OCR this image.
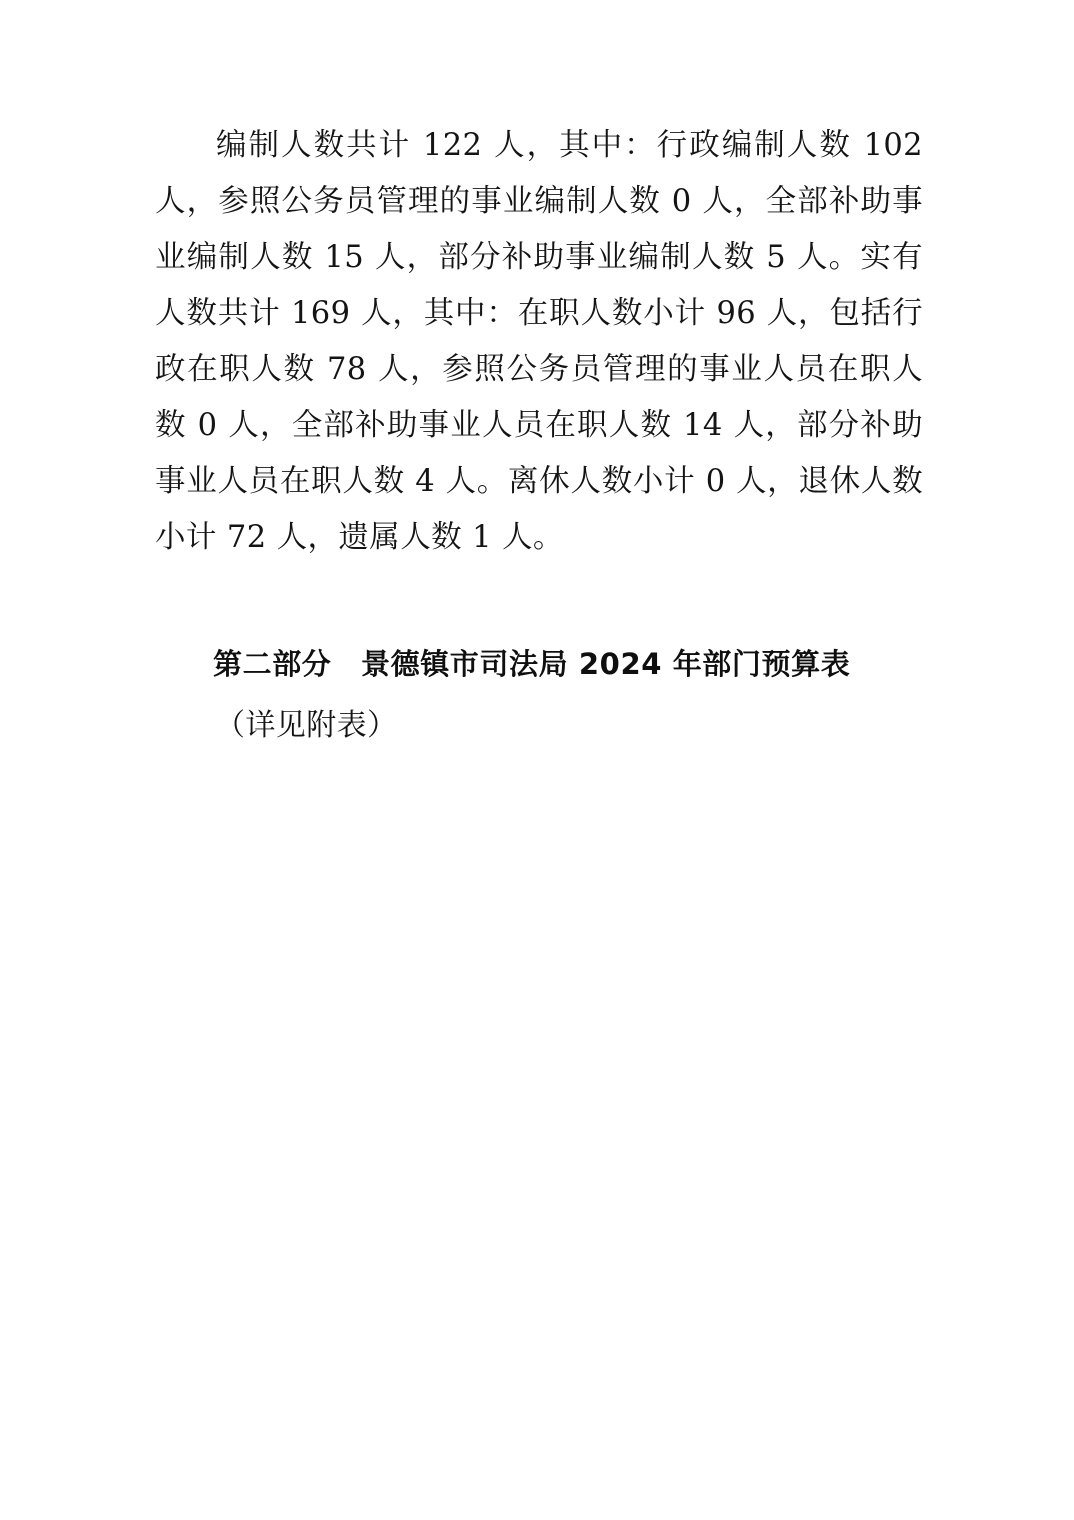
编制人数共计 122 人，其中：行政编制人数 102 人，参照公务员管理的事业编制人数 0 人，全部补助事业编制人数 15 人，部分补助事业编制人数 5 人。实有人数共计 169 人，其中：在职人数小计 96 人，包括行政在职人数 78 人，参照公务员管理的事业人员在职人数 0 人，全部补助事业人员在职人数 14 人，部分补助事业人员在职人数 4 人。离休人数小计 0 人，退休人数小计 72 人，遗属人数 1 人。

第二部分　景德镇市司法局 2024 年部门预算表

（详见附表）
